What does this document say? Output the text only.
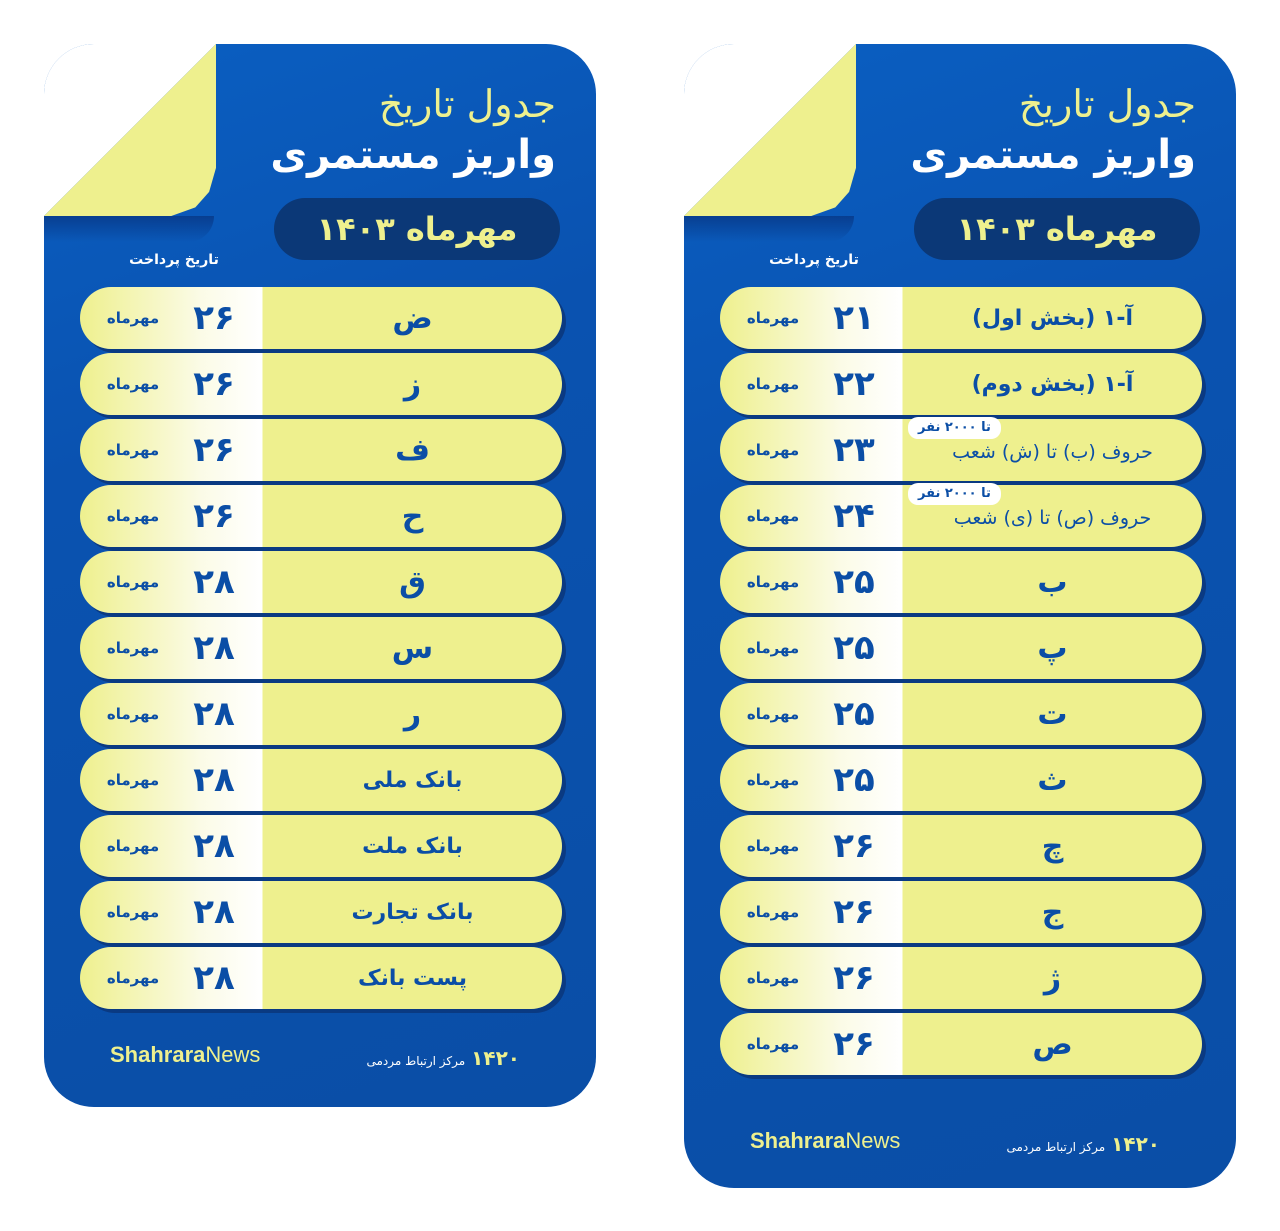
جدول تاریخ
واریز مستمری
مهرماه ۱۴۰۳
تاریخ پرداخت
مهرماه	۲۶	ض
مهرماه	۲۶	ز
مهرماه	۲۶	ف
مهرماه	۲۶	ح
مهرماه	۲۸	ق
مهرماه	۲۸	س
مهرماه	۲۸	ر
مهرماه	۲۸	بانک ملی
مهرماه	۲۸	بانک ملت
مهرماه	۲۸	بانک تجارت
مهرماه	۲۸	پست بانک
ShahraraNews	۱۴۲۰مرکز ارتباط مردمی
جدول تاریخ
واریز مستمری
مهرماه ۱۴۰۳
تاریخ پرداخت
مهرماه	۲۱	آ-۱ (بخش اول)
مهرماه	۲۲	آ-۱ (بخش دوم)
تا ۲۰۰۰ نفر
مهرماه	۲۳	حروف (ب) تا (ش) شعب
تا ۲۰۰۰ نفر
مهرماه	۲۴	حروف (ص) تا (ی) شعب
مهرماه	۲۵	ب
مهرماه	۲۵	پ
مهرماه	۲۵	ت
مهرماه	۲۵	ث
مهرماه	۲۶	چ
مهرماه	۲۶	ج
مهرماه	۲۶	ژ
مهرماه	۲۶	ص
ShahraraNews	۱۴۲۰مرکز ارتباط مردمی
